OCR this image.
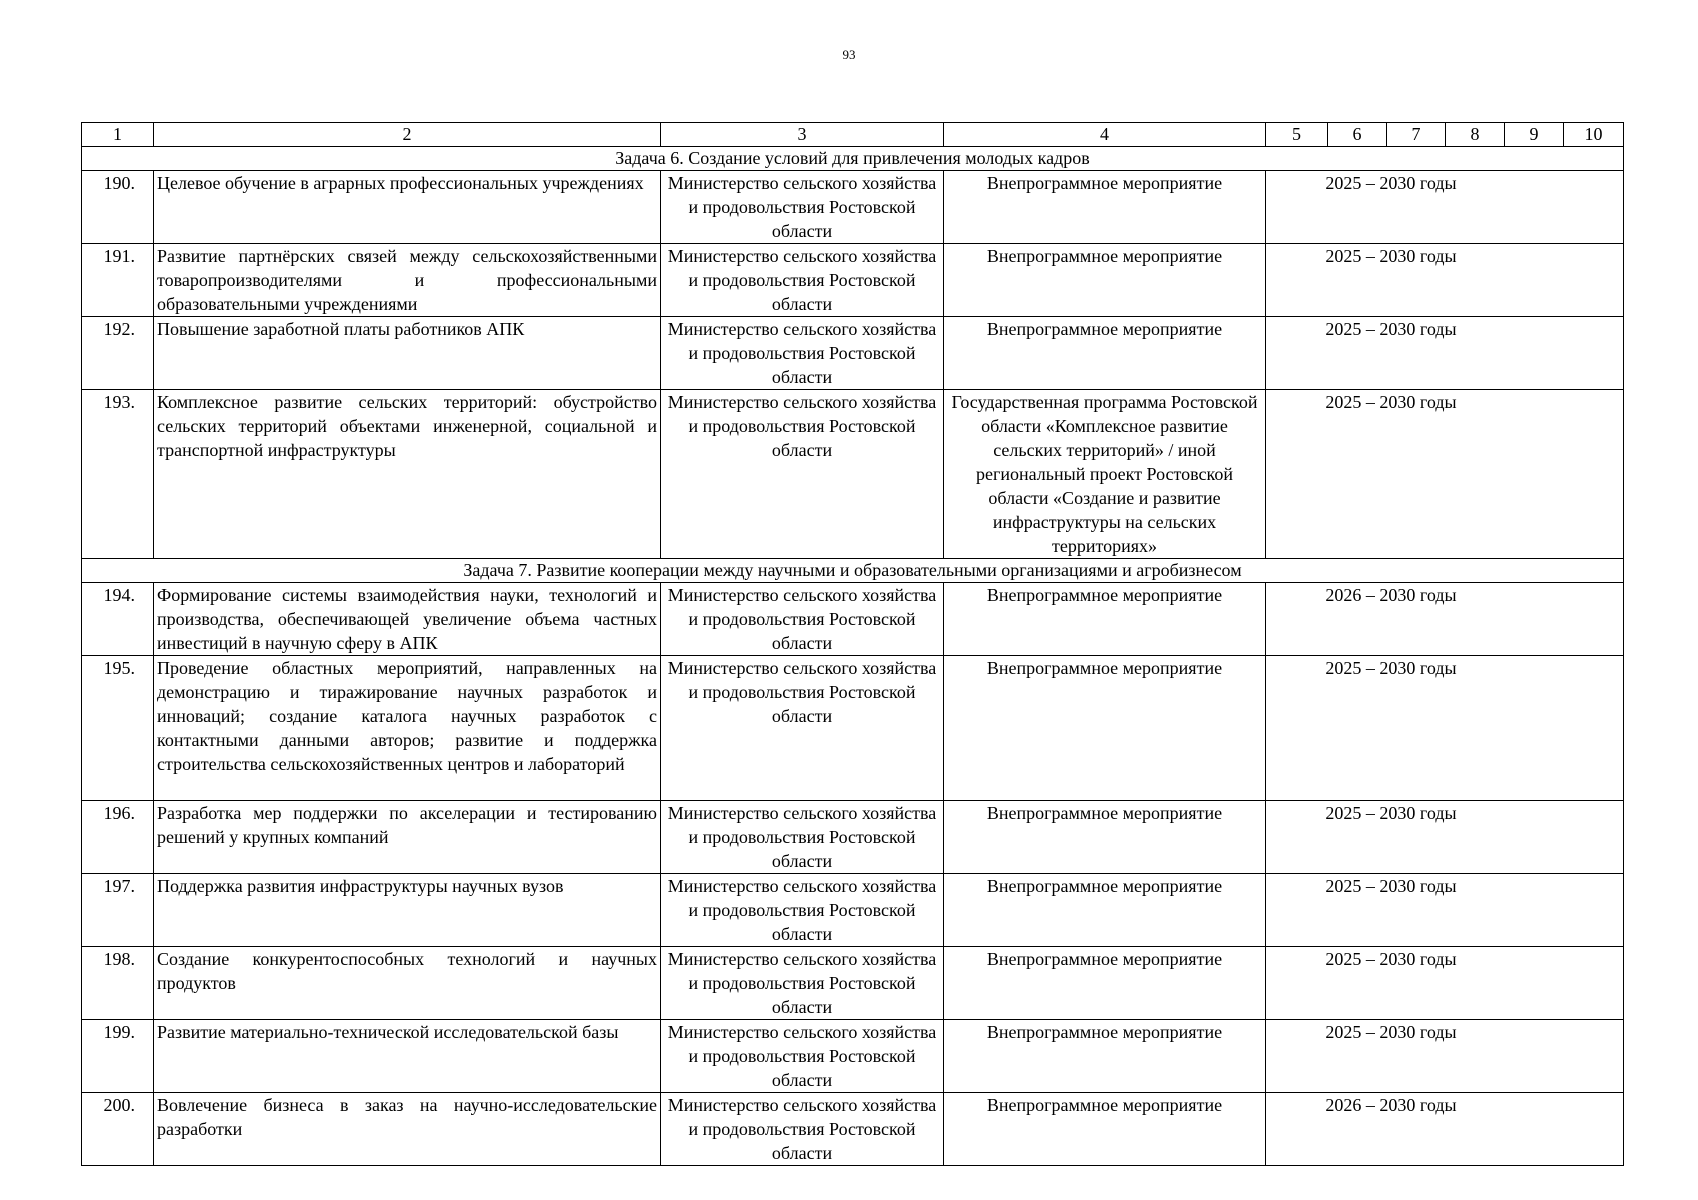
93
1	2	3	4	5	6	7	8	9	10
Задача 6. Создание условий для привлечения молодых кадров									
190.	Целевое обучение в аграрных профессиональных учреждениях	Министерство сельского хозяйства и продовольствия Ростовской области	Внепрограммное мероприятие	2025 – 2030 годы					
191.	Развитие партнёрских связей между сельскохозяйственными товаропроизводителями и профессиональными образовательными учреждениями	Министерство сельского хозяйства и продовольствия Ростовской области	Внепрограммное мероприятие	2025 – 2030 годы					
192.	Повышение заработной платы работников АПК	Министерство сельского хозяйства и продовольствия Ростовской области	Внепрограммное мероприятие	2025 – 2030 годы					
193.	Комплексное развитие сельских территорий: обустройство сельских территорий объектами инженерной, социальной и транспортной инфраструктуры	Министерство сельского хозяйства и продовольствия Ростовской области	Государственная программа Ростовской области «Комплексное развитие сельских территорий» / иной региональный проект Ростовской области «Создание и развитие инфраструктуры на сельских территориях»	2025 – 2030 годы					
Задача 7. Развитие кооперации между научными и образовательными организациями и агробизнесом									
194.	Формирование системы взаимодействия науки, технологий и производства, обеспечивающей увеличение объема частных инвестиций в научную сферу в АПК	Министерство сельского хозяйства и продовольствия Ростовской области	Внепрограммное мероприятие	2026 – 2030 годы					
195.	Проведение областных мероприятий, направленных на демонстрацию и тиражирование научных разработок и инноваций; создание каталога научных разработок с контактными данными авторов; развитие и поддержка строительства сельскохозяйственных центров и лабораторий	Министерство сельского хозяйства и продовольствия Ростовской области	Внепрограммное мероприятие	2025 – 2030 годы					
196.	Разработка мер поддержки по акселерации и тестированию решений у крупных компаний	Министерство сельского хозяйства и продовольствия Ростовской области	Внепрограммное мероприятие	2025 – 2030 годы					
197.	Поддержка развития инфраструктуры научных вузов	Министерство сельского хозяйства и продовольствия Ростовской области	Внепрограммное мероприятие	2025 – 2030 годы					
198.	Создание конкурентоспособных технологий и научных продуктов	Министерство сельского хозяйства и продовольствия Ростовской области	Внепрограммное мероприятие	2025 – 2030 годы					
199.	Развитие материально-технической исследовательской базы	Министерство сельского хозяйства и продовольствия Ростовской области	Внепрограммное мероприятие	2025 – 2030 годы					
200.	Вовлечение бизнеса в заказ на научно-исследовательские разработки	Министерство сельского хозяйства и продовольствия Ростовской области	Внепрограммное мероприятие	2026 – 2030 годы					
